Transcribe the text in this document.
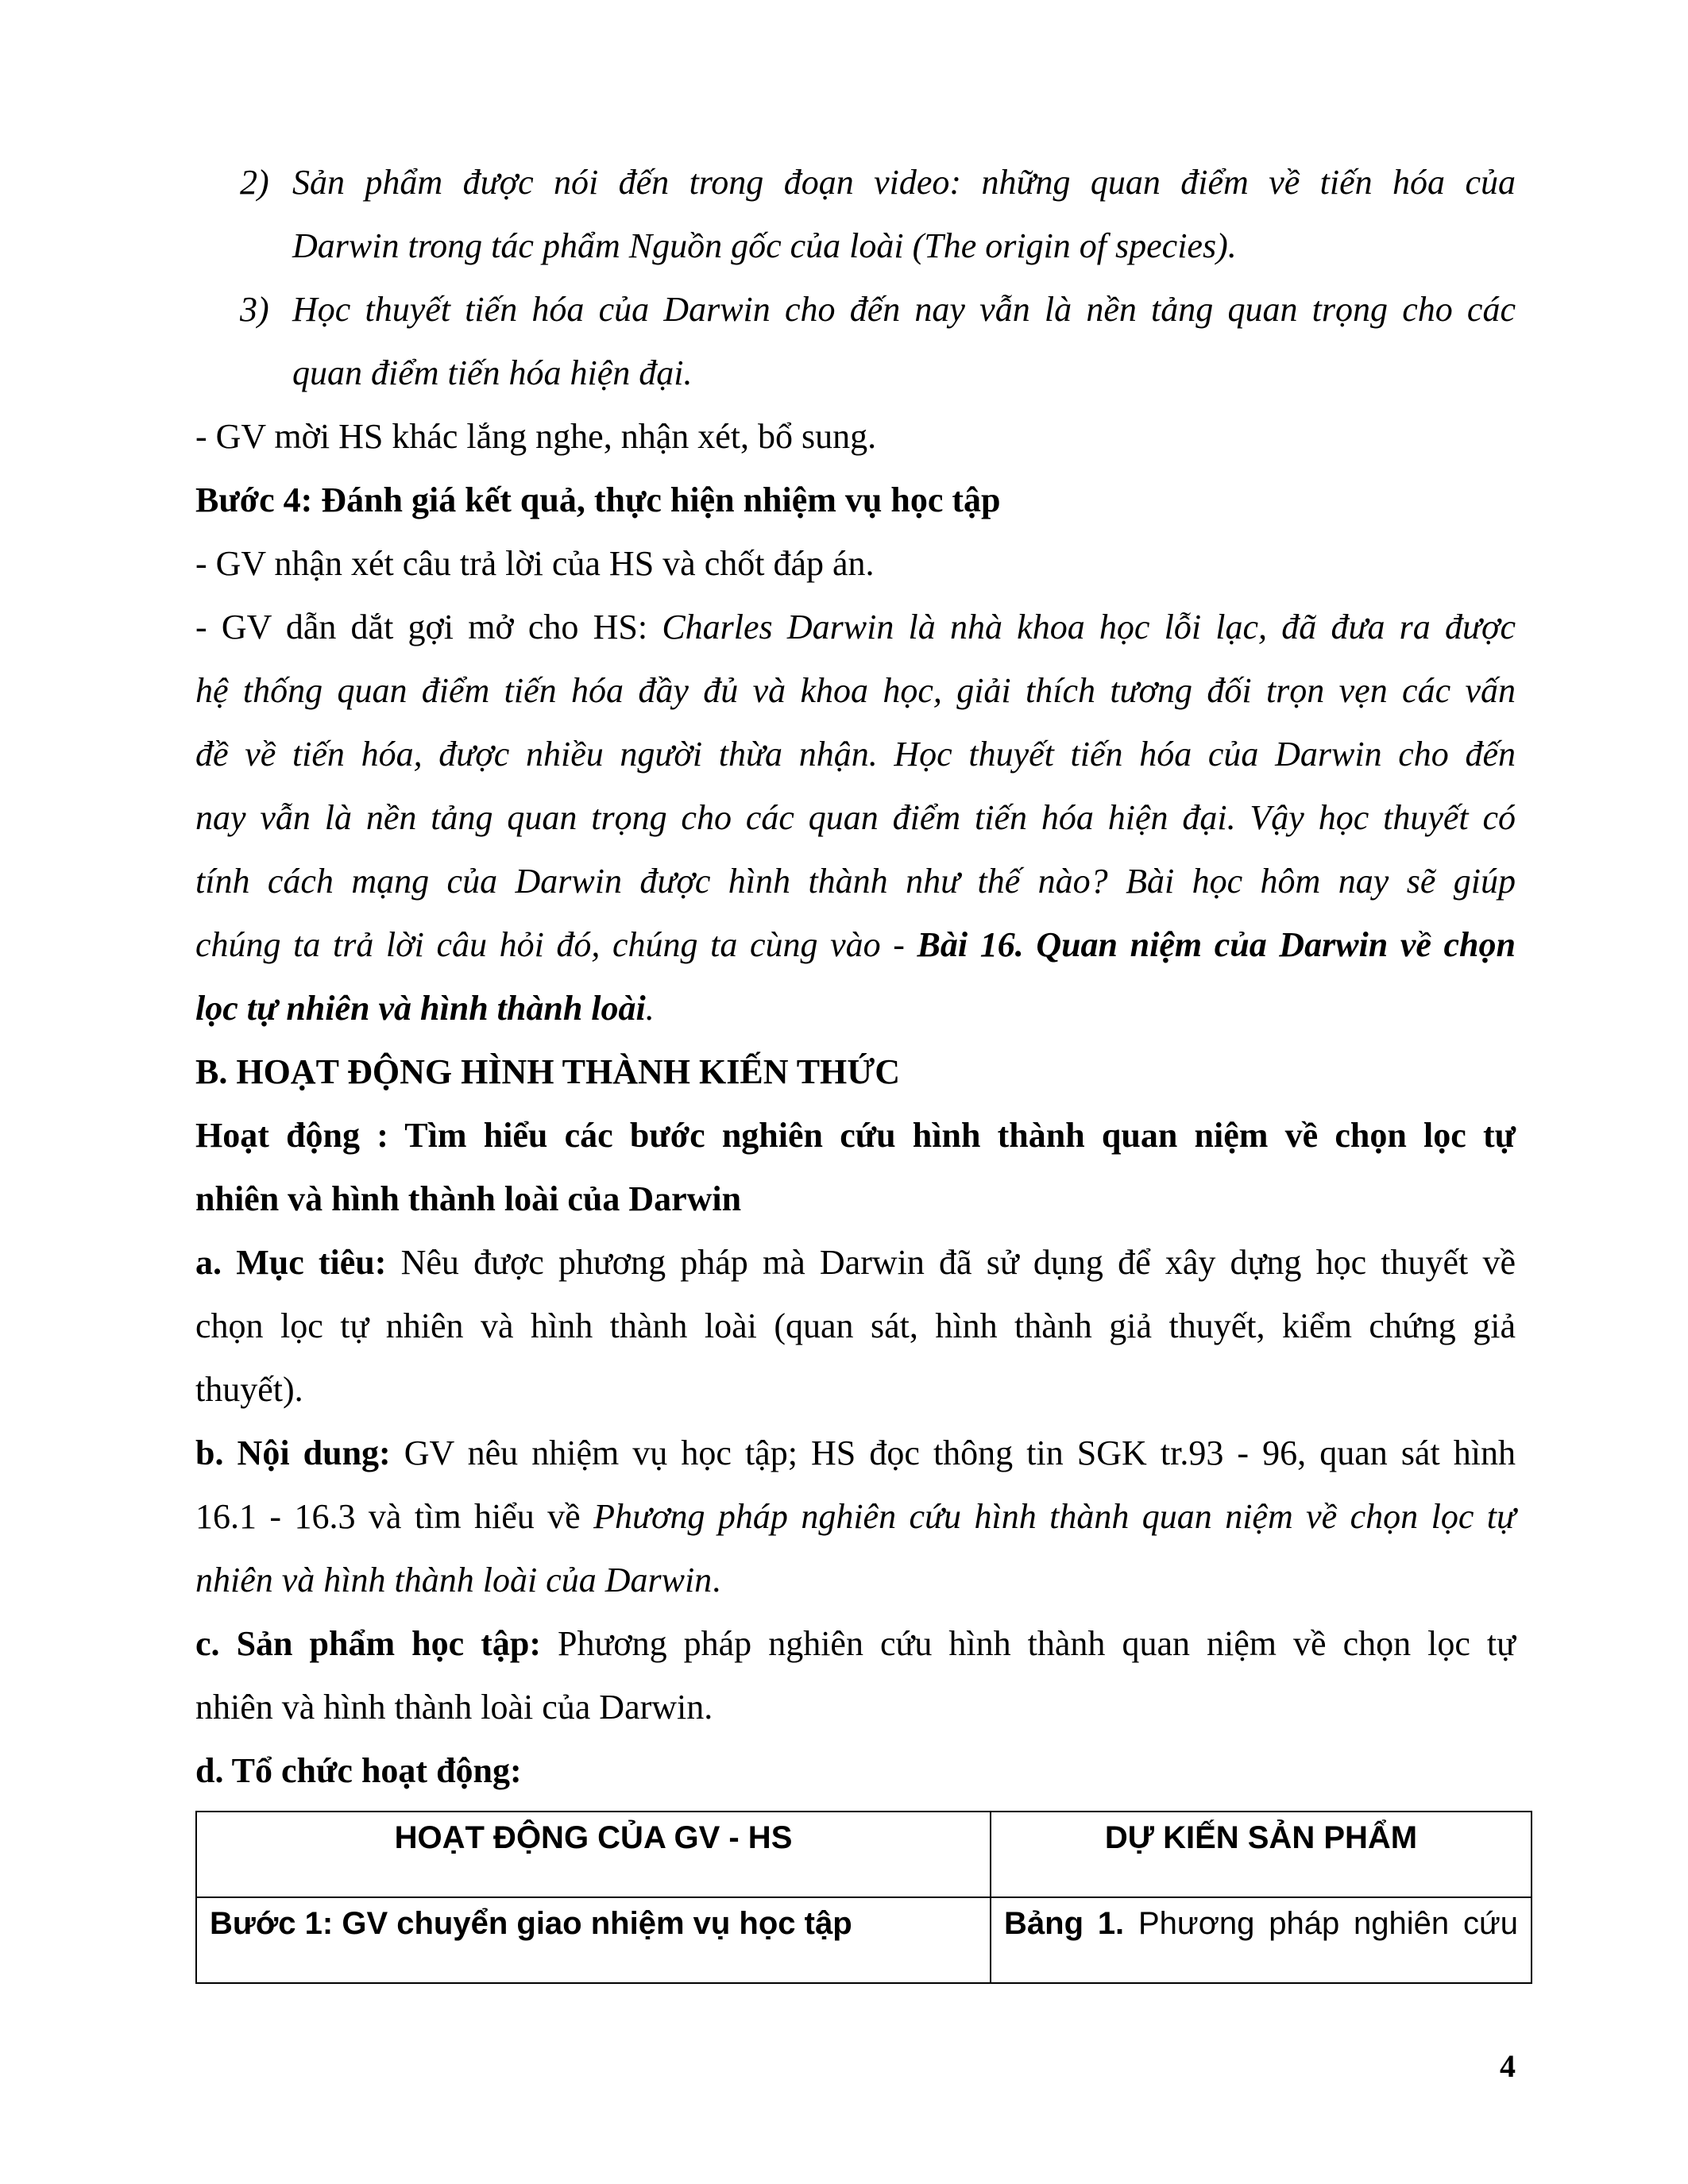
2) Sản phẩm được nói đến trong đoạn video: những quan điểm về tiến hóa của

Darwin trong tác phẩm Nguồn gốc của loài (The origin of species).

3) Học thuyết tiến hóa của Darwin cho đến nay vẫn là nền tảng quan trọng cho các

quan điểm tiến hóa hiện đại.

- GV mời HS khác lắng nghe, nhận xét, bổ sung.

Bước 4: Đánh giá kết quả, thực hiện nhiệm vụ học tập

- GV nhận xét câu trả lời của HS và chốt đáp án.

- GV dẫn dắt gợi mở cho HS: Charles Darwin là nhà khoa học lỗi lạc, đã đưa ra được

hệ thống quan điểm tiến hóa đầy đủ và khoa học, giải thích tương đối trọn vẹn các vấn

đề về tiến hóa, được nhiều người thừa nhận. Học thuyết tiến hóa của Darwin cho đến

nay vẫn là nền tảng quan trọng cho các quan điểm tiến hóa hiện đại. Vậy học thuyết có

tính cách mạng của Darwin được hình thành như thế nào? Bài học hôm nay sẽ giúp

chúng ta trả lời câu hỏi đó, chúng ta cùng vào - Bài 16. Quan niệm của Darwin về chọn

lọc tự nhiên và hình thành loài.

B. HOẠT ĐỘNG HÌNH THÀNH KIẾN THỨC

Hoạt động : Tìm hiểu các bước nghiên cứu hình thành quan niệm về chọn lọc tự

nhiên và hình thành loài của Darwin

a. Mục tiêu: Nêu được phương pháp mà Darwin đã sử dụng để xây dựng học thuyết về

chọn lọc tự nhiên và hình thành loài (quan sát, hình thành giả thuyết, kiểm chứng giả

thuyết).

b. Nội dung: GV nêu nhiệm vụ học tập; HS đọc thông tin SGK tr.93 - 96, quan sát hình

16.1 - 16.3 và tìm hiểu về Phương pháp nghiên cứu hình thành quan niệm về chọn lọc tự

nhiên và hình thành loài của Darwin.

c. Sản phẩm học tập: Phương pháp nghiên cứu hình thành quan niệm về chọn lọc tự

nhiên và hình thành loài của Darwin.

d. Tổ chức hoạt động:

HOẠT ĐỘNG CỦA GV - HS	DỰ KIẾN SẢN PHẨM
Bước 1: GV chuyển giao nhiệm vụ học tập	Bảng 1. Phương pháp nghiên cứu
4
